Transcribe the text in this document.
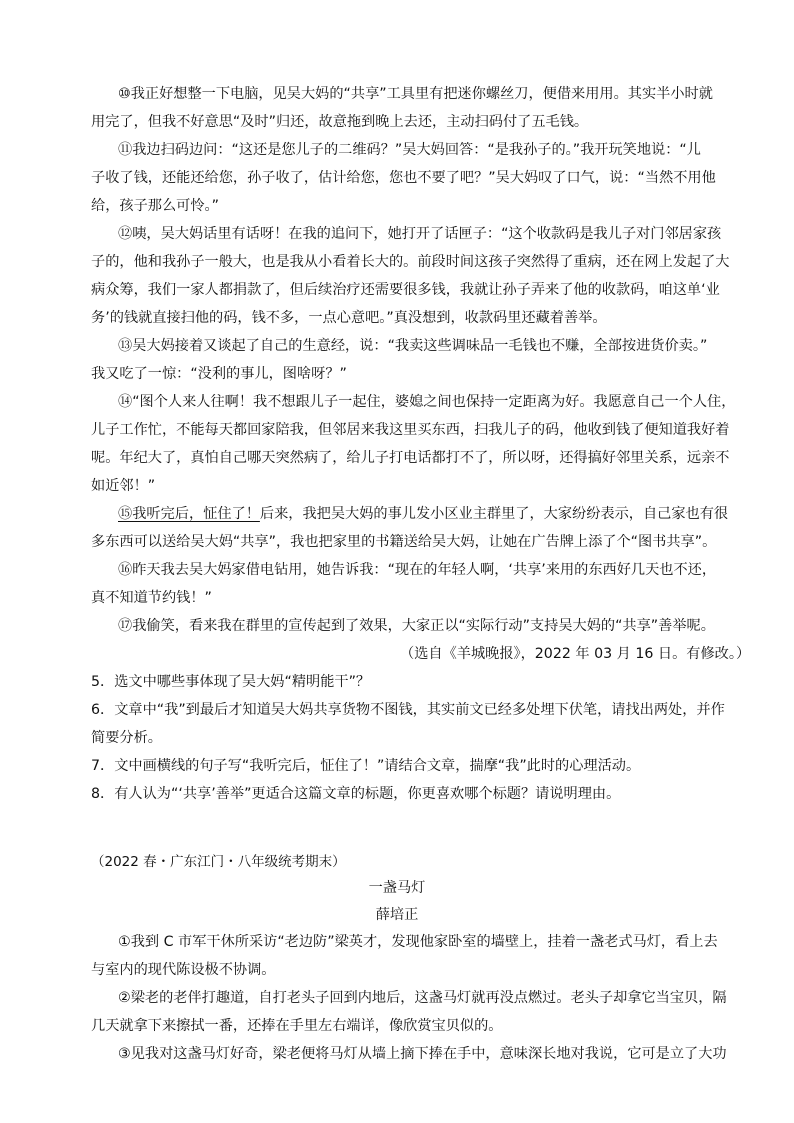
⑩我正好想整一下电脑，见吴大妈的“共享”工具里有把迷你螺丝刀，便借来用用。其实半小时就
用完了，但我不好意思“及时”归还，故意拖到晚上去还，主动扫码付了五毛钱。
⑪我边扫码边问：“这还是您儿子的二维码？”吴大妈回答：“是我孙子的。”我开玩笑地说：“儿
子收了钱，还能还给您，孙子收了，估计给您，您也不要了吧？”吴大妈叹了口气，说：“当然不用他
给，孩子那么可怜。”
⑫咦，吴大妈话里有话呀！在我的追问下，她打开了话匣子：“这个收款码是我儿子对门邻居家孩
子的，他和我孙子一般大，也是我从小看着长大的。前段时间这孩子突然得了重病，还在网上发起了大
病众筹，我们一家人都捐款了，但后续治疗还需要很多钱，我就让孙子弄来了他的收款码，咱这单‘业
务’的钱就直接扫他的码，钱不多，一点心意吧。”真没想到，收款码里还藏着善举。
⑬吴大妈接着又谈起了自己的生意经，说：“我卖这些调味品一毛钱也不赚，全部按进货价卖。”
我又吃了一惊：“没利的事儿，图啥呀？”
⑭“图个人来人往啊！我不想跟儿子一起住，婆媳之间也保持一定距离为好。我愿意自己一个人住，
儿子工作忙，不能每天都回家陪我，但邻居来我这里买东西，扫我儿子的码，他收到钱了便知道我好着
呢。年纪大了，真怕自己哪天突然病了，给儿子打电话都打不了，所以呀，还得搞好邻里关系，远亲不
如近邻！”
⑮我听完后，怔住了！后来，我把吴大妈的事儿发小区业主群里了，大家纷纷表示，自己家也有很
多东西可以送给吴大妈“共享”，我也把家里的书籍送给吴大妈，让她在广告牌上添了个“图书共享”。
⑯昨天我去吴大妈家借电钻用，她告诉我：“现在的年轻人啊，‘共享’来用的东西好几天也不还，
真不知道节约钱！”
⑰我偷笑，看来我在群里的宣传起到了效果，大家正以“实际行动”支持吴大妈的“共享”善举呢。
（选自《羊城晚报》，2022 年 03 月 16 日。有修改。）
5．选文中哪些事体现了吴大妈“精明能干”？
6．文章中“我”到最后才知道吴大妈共享货物不图钱，其实前文已经多处埋下伏笔，请找出两处，并作
简要分析。
7．文中画横线的句子写“我听完后，怔住了！”请结合文章，揣摩“我”此时的心理活动。
8．有人认为“‘共享’善举”更适合这篇文章的标题，你更喜欢哪个标题？请说明理由。
（2022 春・广东江门・八年级统考期末）
一盏马灯
薛培正
①我到 C 市军干休所采访“老边防”梁英才，发现他家卧室的墙壁上，挂着一盏老式马灯，看上去
与室内的现代陈设极不协调。
②梁老的老伴打趣道，自打老头子回到内地后，这盏马灯就再没点燃过。老头子却拿它当宝贝，隔
几天就拿下来擦拭一番，还捧在手里左右端详，像欣赏宝贝似的。
③见我对这盏马灯好奇，梁老便将马灯从墙上摘下捧在手中，意味深长地对我说，它可是立了大功
